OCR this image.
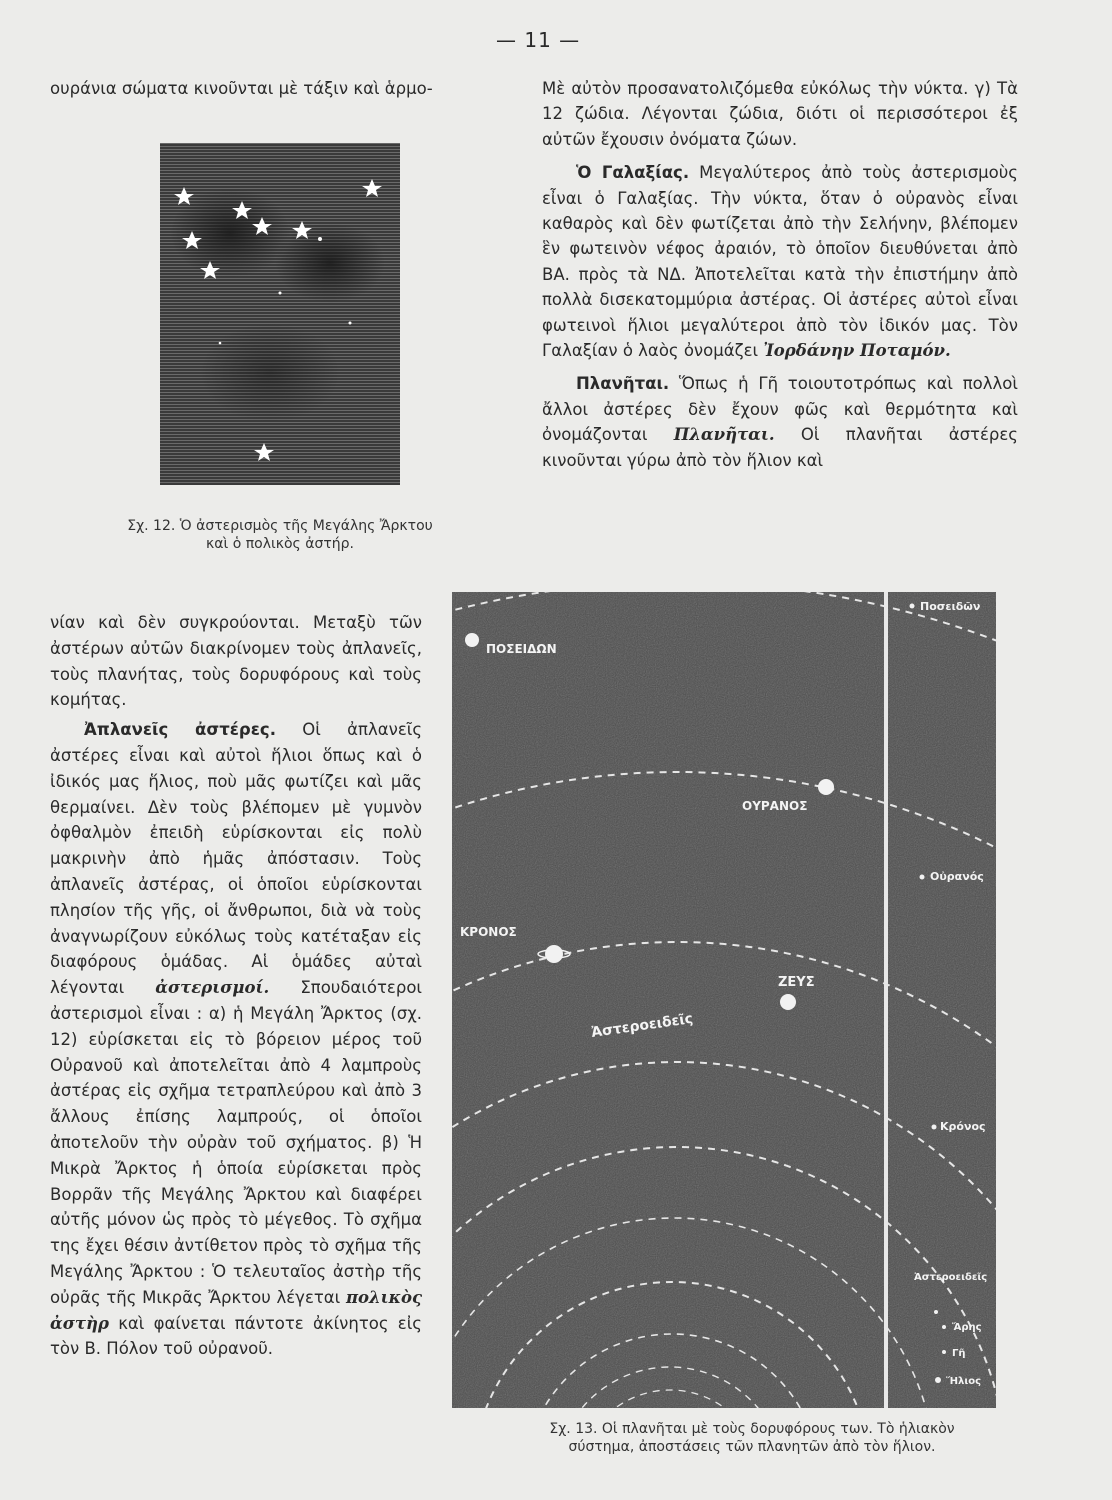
— 11 —

ουράνια σώματα κινοῦνται μὲ τάξιν καὶ ἁρμο-

Σχ. 12. Ὁ ἀστερισμὸς τῆς Μεγάλης Ἄρκτου
καὶ ὁ πολικὸς ἀστήρ.

Μὲ αὐτὸν προσανατολιζόμεθα εὐκόλως τὴν νύκτα. γ) Τὰ 12 ζώδια. Λέγονται ζώδια, διότι οἱ περισσότεροι ἐξ αὐτῶν ἔχουσιν ὀνόματα ζώων.

Ὁ Γαλαξίας. Μεγαλύτερος ἀπὸ τοὺς ἀστερισμοὺς εἶναι ὁ Γαλαξίας. Τὴν νύκτα, ὅταν ὁ οὐρανὸς εἶναι καθαρὸς καὶ δὲν φωτίζεται ἀπὸ τὴν Σελήνην, βλέπομεν ἓν φωτεινὸν νέφος ἀραιόν, τὸ ὁποῖον διευθύνεται ἀπὸ ΒΑ. πρὸς τὰ ΝΔ. Ἀποτελεῖται κατὰ τὴν ἐπιστήμην ἀπὸ πολλὰ δισεκατομμύρια ἀστέρας. Οἱ ἀστέρες αὐτοὶ εἶναι φωτεινοὶ ἥλιοι μεγαλύτεροι ἀπὸ τὸν ἰδικόν μας. Τὸν Γαλαξίαν ὁ λαὸς ὀνομάζει Ἰορδάνην Ποταμόν.

Πλανῆται. Ὅπως ἡ Γῆ τοιουτοτρόπως καὶ πολλοὶ ἄλλοι ἀστέρες δὲν ἔχουν φῶς καὶ θερμότητα καὶ ὀνομάζονται Πλανῆται. Οἱ πλανῆται ἀστέρες κινοῦνται γύρω ἀπὸ τὸν ἥλιον καὶ

νίαν καὶ δὲν συγκρούονται. Μεταξὺ τῶν ἀστέρων αὐτῶν διακρίνομεν τοὺς ἀπλανεῖς, τοὺς πλανήτας, τοὺς δορυφόρους καὶ τοὺς κομήτας.

Ἀπλανεῖς ἀστέρες. Οἱ ἀπλανεῖς ἀστέρες εἶναι καὶ αὐτοὶ ἥλιοι ὅπως καὶ ὁ ἰδικός μας ἥλιος, ποὺ μᾶς φωτίζει καὶ μᾶς θερμαίνει. Δὲν τοὺς βλέπομεν μὲ γυμνὸν ὀφθαλμὸν ἐπειδὴ εὑρίσκονται εἰς πολὺ μακρινὴν ἀπὸ ἡμᾶς ἀπόστασιν. Τοὺς ἀπλανεῖς ἀστέρας, οἱ ὁποῖοι εὑρίσκονται πλησίον τῆς γῆς, οἱ ἄνθρωποι, διὰ νὰ τοὺς ἀναγνωρίζουν εὐκόλως τοὺς κατέταξαν εἰς διαφόρους ὁμάδας. Αἱ ὁμάδες αὐταὶ λέγονται ἀστερισμοί. Σπουδαιότεροι ἀστερισμοὶ εἶναι : α) ἡ Μεγάλη Ἄρκτος (σχ. 12) εὑρίσκεται εἰς τὸ βόρειον μέρος τοῦ Οὐρανοῦ καὶ ἀποτελεῖται ἀπὸ 4 λαμπροὺς ἀστέρας εἰς σχῆμα τετραπλεύρου καὶ ἀπὸ 3 ἄλλους ἐπίσης λαμπρούς, οἱ ὁποῖοι ἀποτελοῦν τὴν οὐρὰν τοῦ σχήματος. β) Ἡ Μικρὰ Ἄρκτος ἡ ὁποία εὑρίσκεται πρὸς Βορρᾶν τῆς Μεγάλης Ἄρκτου καὶ διαφέρει αὐτῆς μόνον ὡς πρὸς τὸ μέγεθος. Τὸ σχῆμα της ἔχει θέσιν ἀντίθετον πρὸς τὸ σχῆμα τῆς Μεγάλης Ἄρκτου : Ὁ τελευταῖος ἀστὴρ τῆς οὐρᾶς τῆς Μικρᾶς Ἄρκτου λέγεται πολικὸς ἀστὴρ καὶ φαίνεται πάντοτε ἀκίνητος εἰς τὸν Β. Πόλον τοῦ οὐρανοῦ.

ΠΟΣΕΙΔΩΝ
ΟΥΡΑΝΟΣ
ΚΡΟΝΟΣ
ΖΕΥΣ
Ἀστεροειδεῖς
Ποσειδῶν
Οὐρανός
Κρόνος
Ἀστεροειδεῖς
Ἄρης
Γῆ
Ἥλιος
Σχ. 13. Οἱ πλανῆται μὲ τοὺς δορυφόρους των. Τὸ ἡλιακὸν
σύστημα, ἀποστάσεις τῶν πλανητῶν ἀπὸ τὸν ἥλιον.
